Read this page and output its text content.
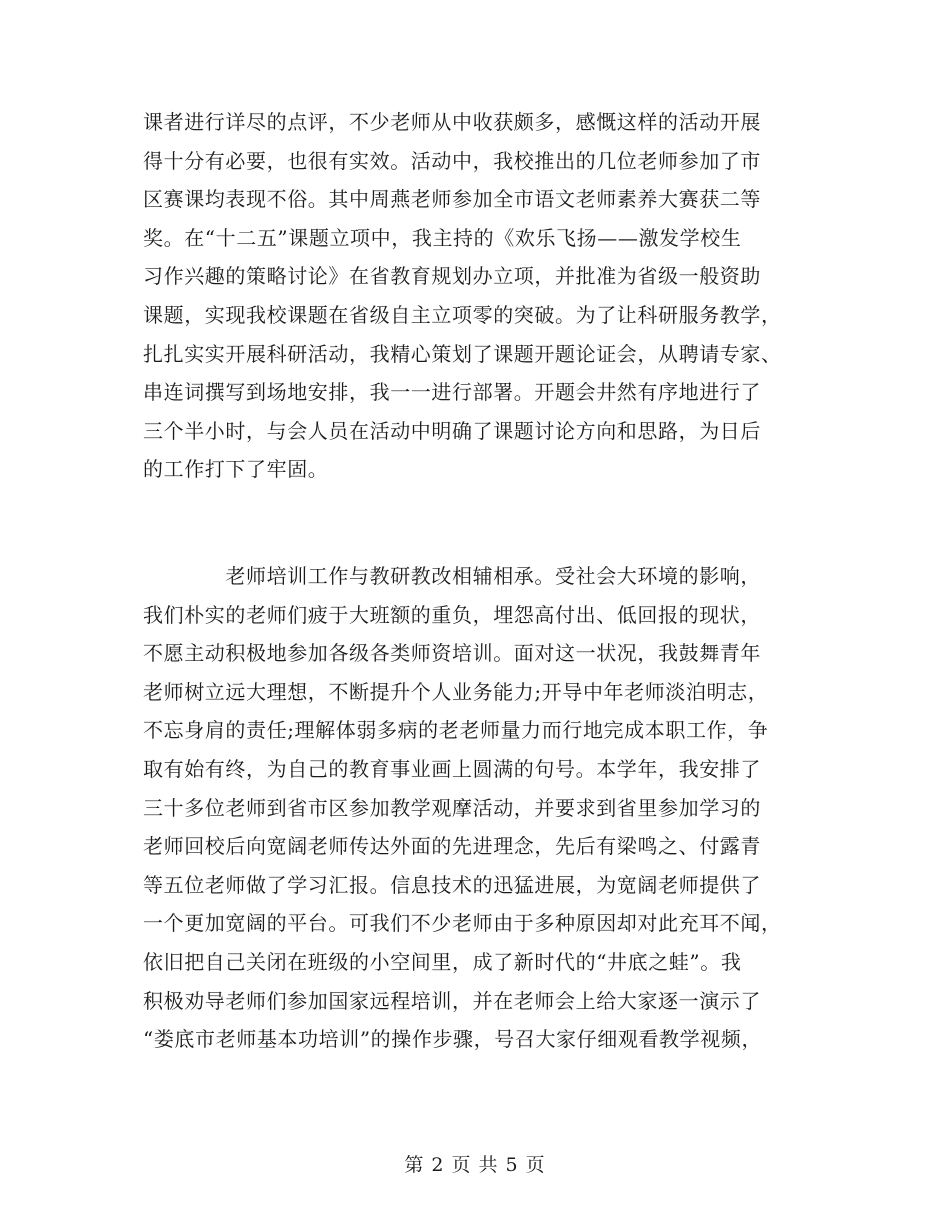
课者进行详尽的点评，不少老师从中收获颇多，感慨这样的活动开展
得十分有必要，也很有实效。活动中，我校推出的几位老师参加了市
区赛课均表现不俗。其中周燕老师参加全市语文老师素养大赛获二等
奖。在“十二五”课题立项中，我主持的《欢乐飞扬——激发学校生
习作兴趣的策略讨论》在省教育规划办立项，并批准为省级一般资助
课题，实现我校课题在省级自主立项零的突破。为了让科研服务教学，
扎扎实实开展科研活动，我精心策划了课题开题论证会，从聘请专家、
串连词撰写到场地安排，我一一进行部署。开题会井然有序地进行了
三个半小时，与会人员在活动中明确了课题讨论方向和思路，为日后
的工作打下了牢固。
　　　　老师培训工作与教研教改相辅相承。受社会大环境的影响，
我们朴实的老师们疲于大班额的重负，埋怨高付出、低回报的现状，
不愿主动积极地参加各级各类师资培训。面对这一状况，我鼓舞青年
老师树立远大理想，不断提升个人业务能力;开导中年老师淡泊明志，
不忘身肩的责任;理解体弱多病的老老师量力而行地完成本职工作，争
取有始有终，为自己的教育事业画上圆满的句号。本学年，我安排了
三十多位老师到省市区参加教学观摩活动，并要求到省里参加学习的
老师回校后向宽阔老师传达外面的先进理念，先后有梁鸣之、付露青
等五位老师做了学习汇报。信息技术的迅猛进展，为宽阔老师提供了
一个更加宽阔的平台。可我们不少老师由于多种原因却对此充耳不闻，
依旧把自己关闭在班级的小空间里，成了新时代的“井底之蛙”。我
积极劝导老师们参加国家远程培训，并在老师会上给大家逐一演示了
“娄底市老师基本功培训”的操作步骤，号召大家仔细观看教学视频，
第 2 页 共 5 页
